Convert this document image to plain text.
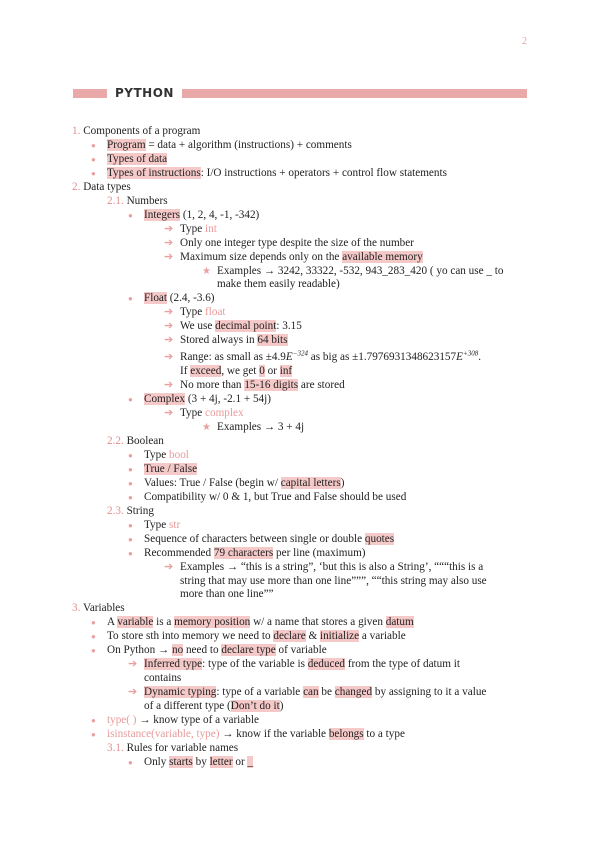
2
PYTHON
1. Components of a program
● Program = data + algorithm (instructions) + comments
● Types of data
● Types of instructions: I/O instructions + operators + control flow statements
2. Data types
2.1. Numbers
● Integers (1, 2, 4, -1, -342)
➔ Type int
➔ Only one integer type despite the size of the number
➔ Maximum size depends only on the available memory
★ Examples → 3242, 33322, -532, 943_283_420 ( yo can use _ to
make them easily readable)
● Float (2.4, -3.6)
➔ Type float
➔ We use decimal point: 3.15
➔ Stored always in 64 bits
➔ Range: as small as $\pm 4.9E^{-324}$ as big as $\pm 1.7976931348623157E^{+308}$.
If exceed, we get 0 or inf
➔ No more than 15-16 digits are stored
● Complex (3 + 4j, -2.1 + 54j)
➔ Type complex
★ Examples → 3 + 4j
2.2. Boolean
● Type bool
● True / False
● Values: True / False (begin w/ capital letters)
● Compatibility w/ 0 & 1, but True and False should be used
2.3. String
● Type str
● Sequence of characters between single or double quotes
● Recommended 79 characters per line (maximum)
➔ Examples → “this is a string”, ‘but this is also a String’, “““this is a
string that may use more than one line”””, ““this string may also use
more than one line””
3. Variables
● A variable is a memory position w/ a name that stores a given datum
● To store sth into memory we need to declare & initialize a variable
● On Python → no need to declare type of variable
➔ Inferred type: type of the variable is deduced from the type of datum it
contains
➔ Dynamic typing: type of a variable can be changed by assigning to it a value
of a different type (Don’t do it)
● type( ) → know type of a variable
● isinstance(variable, type) → know if the variable belongs to a type
3.1. Rules for variable names
● Only starts by letter or _
